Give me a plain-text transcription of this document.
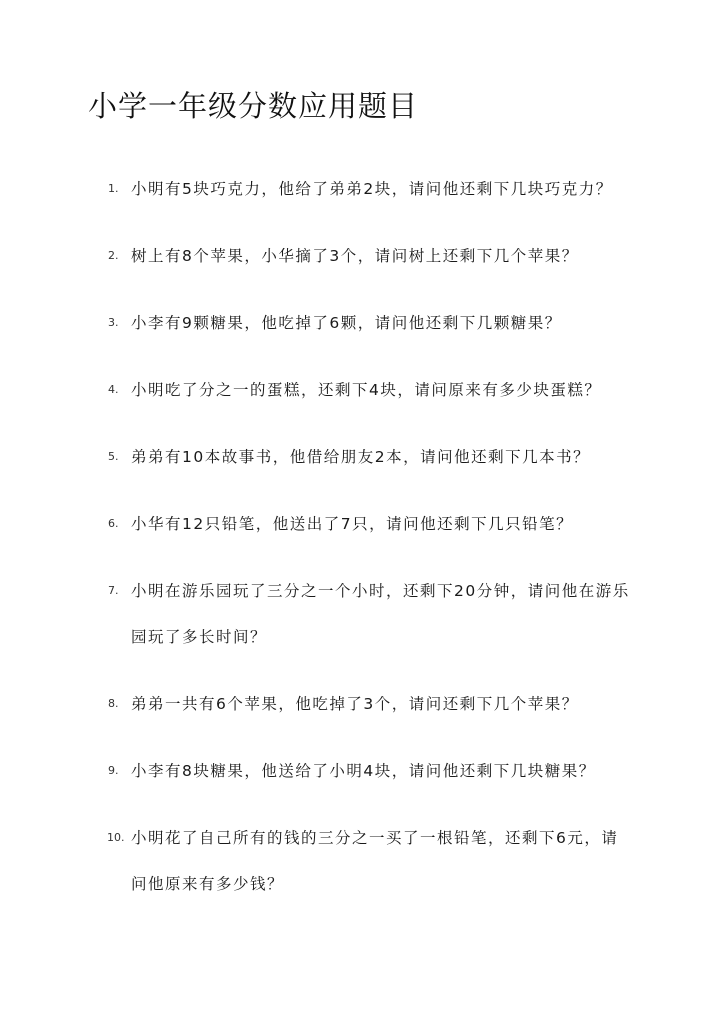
小学一年级分数应用题目
1. 小明有5块巧克力，他给了弟弟2块，请问他还剩下几块巧克力？
2. 树上有8个苹果，小华摘了3个，请问树上还剩下几个苹果？
3. 小李有9颗糖果，他吃掉了6颗，请问他还剩下几颗糖果？
4. 小明吃了分之一的蛋糕，还剩下4块，请问原来有多少块蛋糕？
5. 弟弟有10本故事书，他借给朋友2本，请问他还剩下几本书？
6. 小华有12只铅笔，他送出了7只，请问他还剩下几只铅笔？
7. 小明在游乐园玩了三分之一个小时，还剩下20分钟，请问他在游乐园玩了多长时间？
8. 弟弟一共有6个苹果，他吃掉了3个，请问还剩下几个苹果？
9. 小李有8块糖果，他送给了小明4块，请问他还剩下几块糖果？
10. 小明花了自己所有的钱的三分之一买了一根铅笔，还剩下6元，请问他原来有多少钱？
